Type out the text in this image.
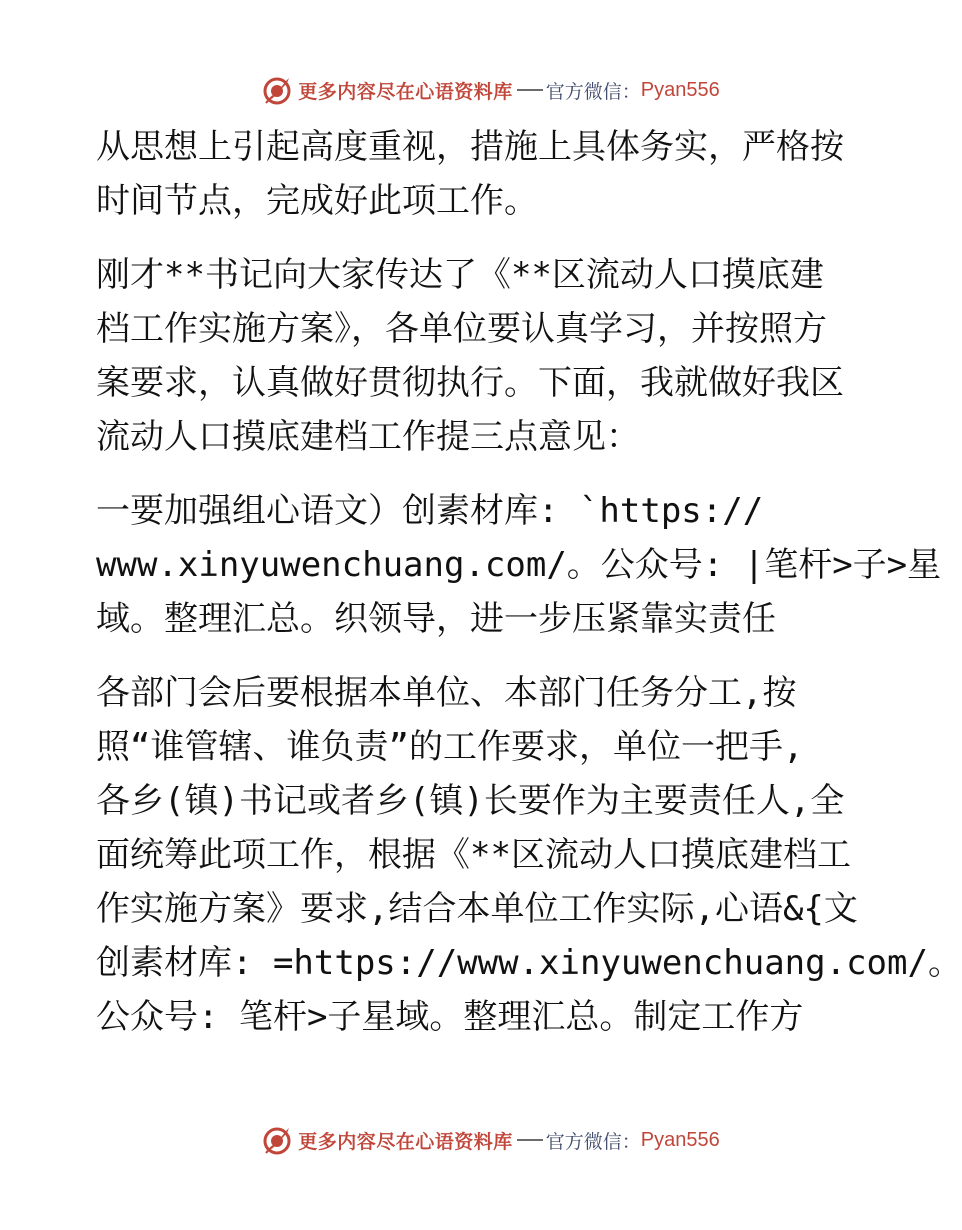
更多内容尽在心语资料库 官方微信： Pyan556
从思想上引起高度重视，措施上具体务实，严格按
时间节点，完成好此项工作。
刚才**书记向大家传达了《**区流动人口摸底建
档工作实施方案》，各单位要认真学习，并按照方
案要求，认真做好贯彻执行。下面，我就做好我区
流动人口摸底建档工作提三点意见：
一要加强组心语文）创素材库: `https://
www.xinyuwenchuang.com/。公众号: |笔杆>子>星
域。整理汇总。织领导，进一步压紧靠实责任
各部门会后要根据本单位、本部门任务分工,按
照“谁管辖、谁负责”的工作要求，单位一把手,
各乡(镇)书记或者乡(镇)长要作为主要责任人,全
面统筹此项工作，根据《**区流动人口摸底建档工
作实施方案》要求,结合本单位工作实际,心语&{文
创素材库: =https://www.xinyuwenchuang.com/。
公众号: 笔杆>子星域。整理汇总。制定工作方
更多内容尽在心语资料库 官方微信： Pyan556
